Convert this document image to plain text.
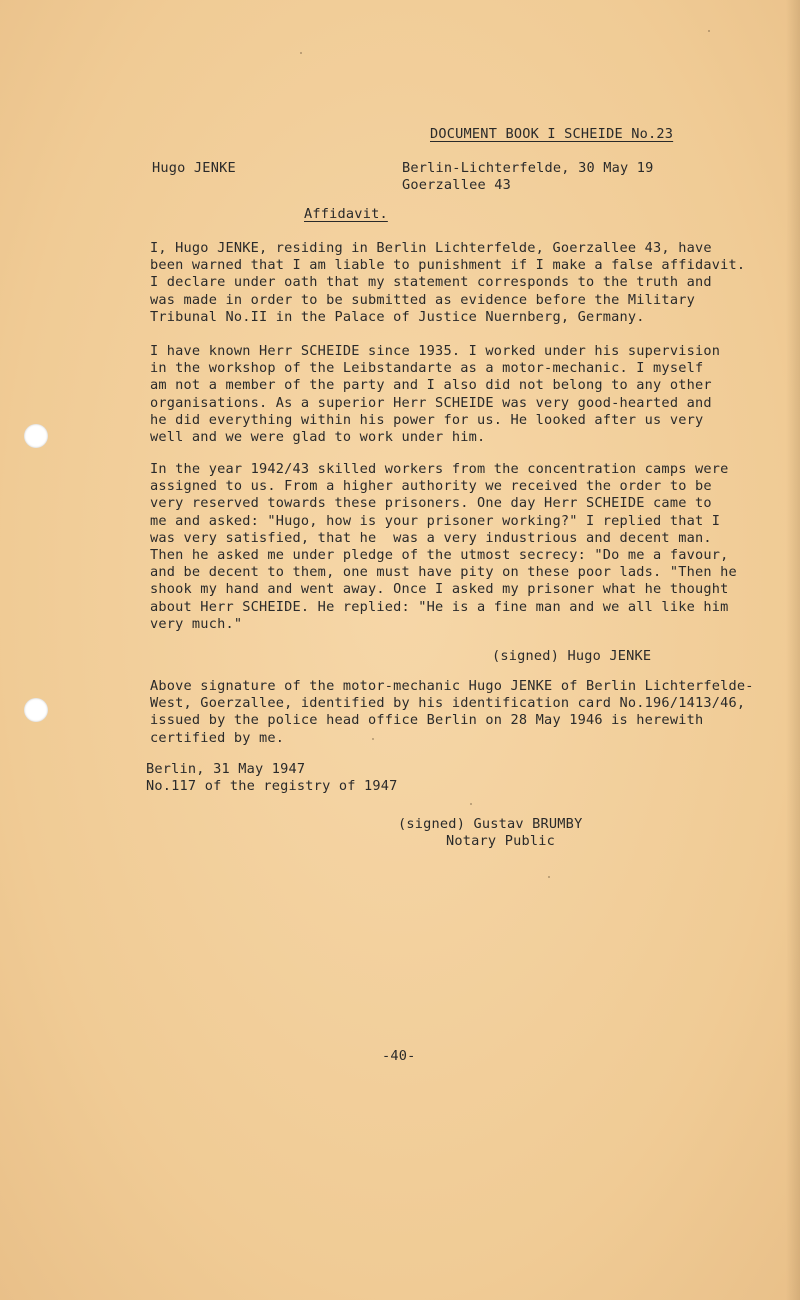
DOCUMENT BOOK I SCHEIDE No.23
Hugo JENKE	Berlin-Lichterfelde, 30 May 19
Goerzallee 43
Affidavit.
I, Hugo JENKE, residing in Berlin Lichterfelde, Goerzallee 43, have
been warned that I am liable to punishment if I make a false affidavit.
I declare under oath that my statement corresponds to the truth and
was made in order to be submitted as evidence before the Military
Tribunal No.II in the Palace of Justice Nuernberg, Germany.
I have known Herr SCHEIDE since 1935. I worked under his supervision
in the workshop of the Leibstandarte as a motor-mechanic. I myself
am not a member of the party and I also did not belong to any other
organisations. As a superior Herr SCHEIDE was very good-hearted and
he did everything within his power for us. He looked after us very
well and we were glad to work under him.
In the year 1942/43 skilled workers from the concentration camps were
assigned to us. From a higher authority we received the order to be
very reserved towards these prisoners. One day Herr SCHEIDE came to
me and asked: "Hugo, how is your prisoner working?" I replied that I
was very satisfied, that he  was a very industrious and decent man.
Then he asked me under pledge of the utmost secrecy: "Do me a favour,
and be decent to them, one must have pity on these poor lads. "Then he
shook my hand and went away. Once I asked my prisoner what he thought
about Herr SCHEIDE. He replied: "He is a fine man and we all like him
very much."
(signed) Hugo JENKE
Above signature of the motor-mechanic Hugo JENKE of Berlin Lichterfelde-
West, Goerzallee, identified by his identification card No.196/1413/46,
issued by the police head office Berlin on 28 May 1946 is herewith
certified by me.
Berlin, 31 May 1947
No.117 of the registry of 1947
(signed) Gustav BRUMBY
Notary Public
-40-
